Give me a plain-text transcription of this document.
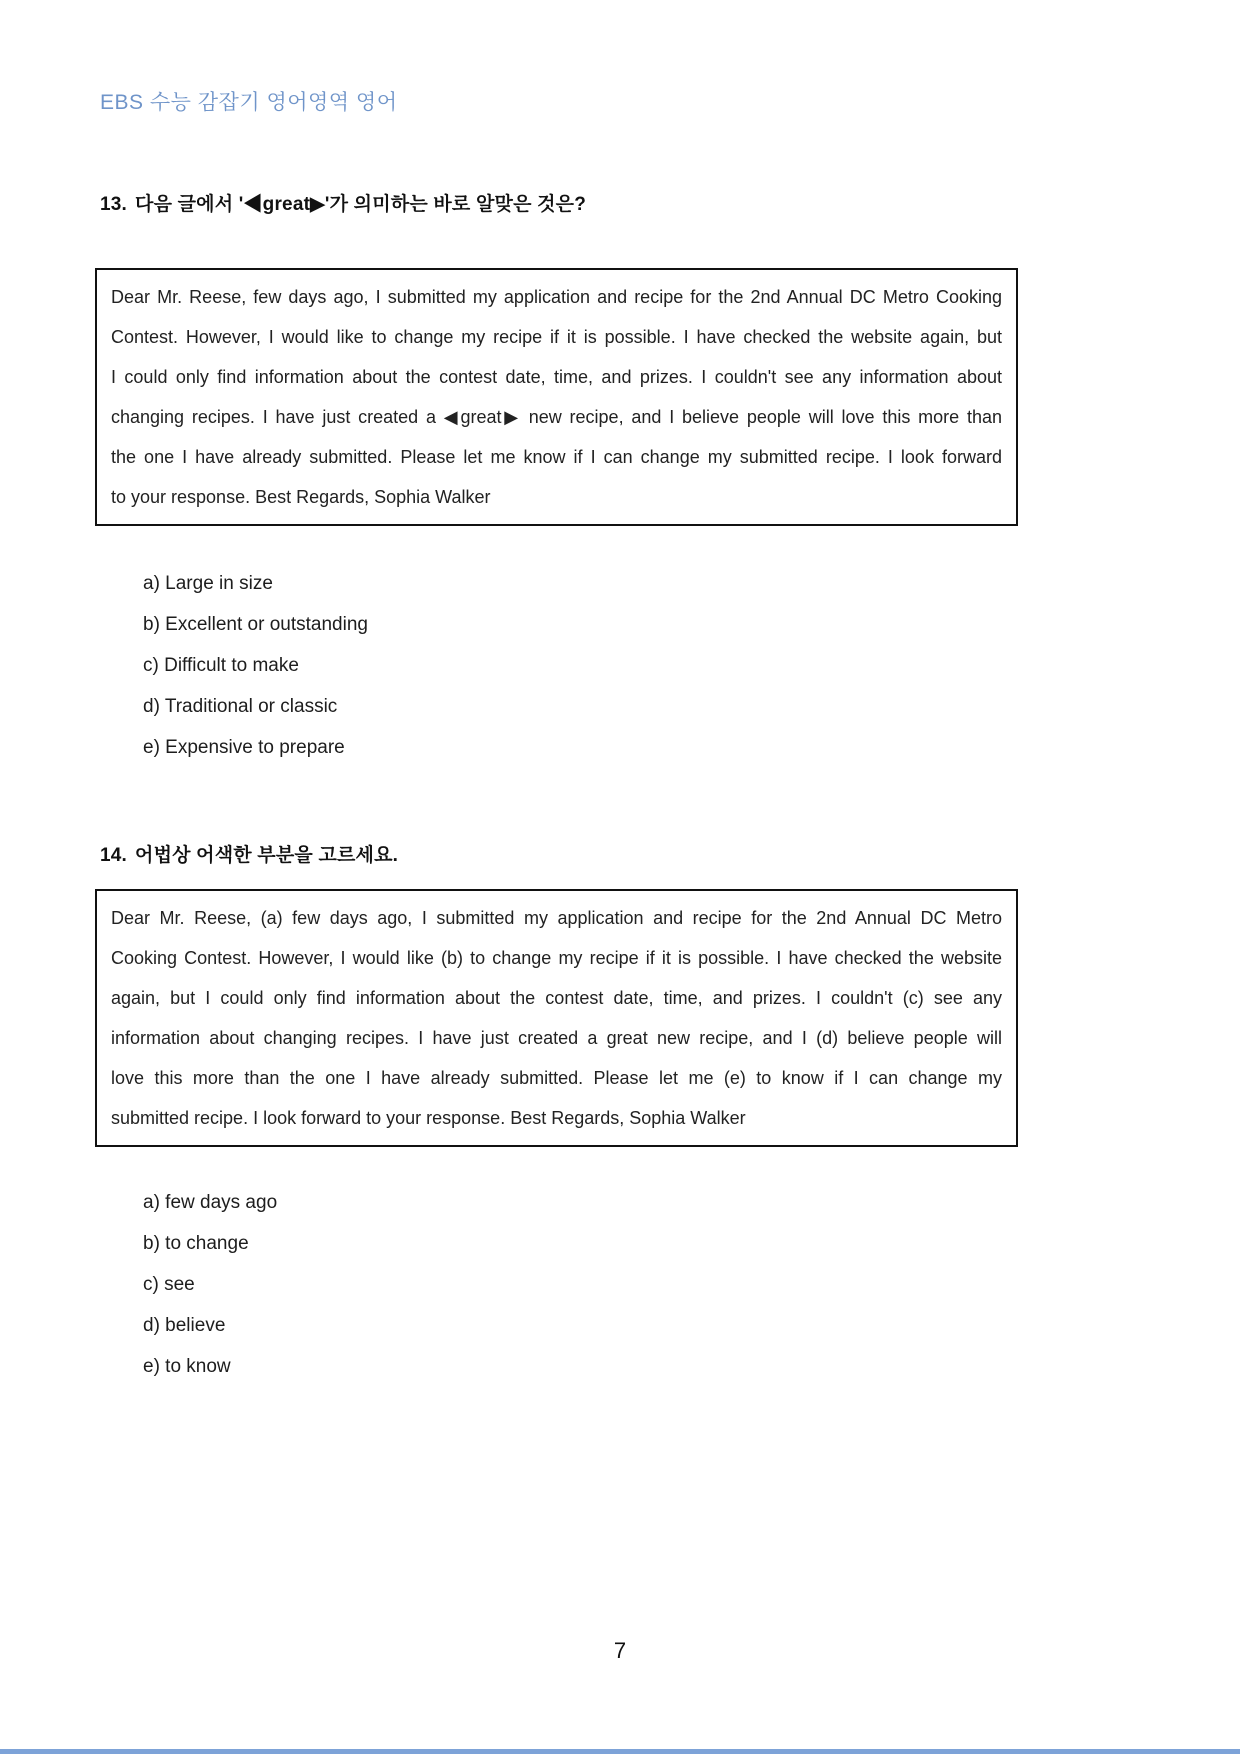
EBS 수능 감잡기 영어영역 영어
13. 다음 글에서 '◀great▶'가 의미하는 바로 알맞은 것은?

Dear Mr. Reese, few days ago, I submitted my application and recipe for the 2nd Annual DC Metro Cooking

Contest. However, I would like to change my recipe if it is possible. I have checked the website again, but

I could only find information about the contest date, time, and prizes. I couldn't see any information about

changing recipes. I have just created a ◀great▶ new recipe, and I believe people will love this more than

the one I have already submitted. Please let me know if I can change my submitted recipe. I look forward

to your response. Best Regards, Sophia Walker

a) Large in size
b) Excellent or outstanding
c) Difficult to make
d) Traditional or classic
e) Expensive to prepare
14. 어법상 어색한 부분을 고르세요.

Dear Mr. Reese, (a) few days ago, I submitted my application and recipe for the 2nd Annual DC Metro

Cooking Contest. However, I would like (b) to change my recipe if it is possible. I have checked the website

again, but I could only find information about the contest date, time, and prizes. I couldn't (c) see any

information about changing recipes. I have just created a great new recipe, and I (d) believe people will

love this more than the one I have already submitted. Please let me (e) to know if I can change my

submitted recipe. I look forward to your response. Best Regards, Sophia Walker

a) few days ago
b) to change
c) see
d) believe
e) to know
7
